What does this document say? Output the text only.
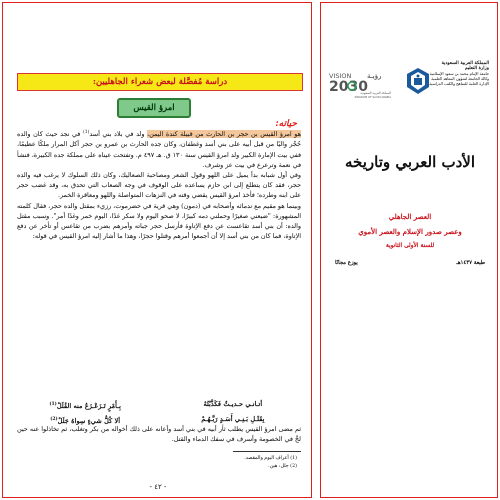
دراسة مُفصَّلة لبعض شعراء الجاهليين:
امرؤ القيس
حياته:

هو امرؤ القيس بن حجر بن الحارث من قبيلة كندة اليمن، ولد في بلاد بني أسد$^{(1)}$ في نجد حيث كان والده حُجْر واليًا من قبل أبيه على بني أسد وغطفان، وكان جده الحارث بن عمرو بن حجر آكل المرار ملكًا عظيمًا، ففي بيت الإمارة الكبير ولد امرؤ القيس سنة ١٣٠ ق. هـ ٤٩٧ م. وتفتحت عيناه على مملكة جده الكبيرة، فنشأ في نعمة وترعرع في بيت عز وشرف.

وفي أول شبابه بدأ يميل على اللهو وقول الشعر ومصاحبة الصعاليك، وكان ذلك السلوك لا يرغب فيه والده حجر، فقد كان يتطلع إلى ابن حازم يساعده على الوقوف في وجه الصعاب التي تحدق به، وقد غضب حجر على ابنه وطرده؛ فأخذ امرؤ القيس يقضي وقته في النزهات المتواصلة واللهو ومعاقرة الخمر.

وبينما هو مقيم مع ندمائه وأصحابه في (دمون) وهي قرية في حضرموت، رزيء بمقتل والده حجر، فقال كلمته المشهورة: "ضيعني صغيرًا وحملني دمه كبيرًا، لا صحو اليوم ولا سكر غدًا، اليوم خمر وغدًا أمر". وسبب مقتل والده: أن بني أسد تقاعست عن دفع الإتاوة فأرسل حجر جباته وأمرهم بضرب من تقاعس أو تأخر عن دفع الإتاوة، فما كان من بني أسد إلا أن أجمعوا أمرهم وقتلوا حجرًا، وهذا ما أشار إليه امرؤ القيس في قوله:

أتـانـي حـديـثٌ فَكَذَّبْتُهُ
بِـأَمْرٍ تَـزَعْـزَعُ منه القُلَلْ$^{(1)}$
بِقَتْـلِ بَـنِـي أَسَـدٍ رَبَّـهُـمْ
ألا كُلُّ شيءٍ سِواهُ جَلَلْ$^{(2)}$

ثم مضى امرؤ القيس يطلب ثأر أبيه في بني أسد وأعانه على ذلك أخواله من بكر وتغلب، ثم تخاذلوا عنه حين لجَّ في الخصومة وأسرف في سفك الدماء والقتل.

(1) أعراف اليوم والمقصد.
(2) جلل: هين.
- ٤٢ -
المملكة العربية السعودية
وزارة التعليم
جامعة الإمام محمد بن سعود الإسلامية
وكالة الجامعة لشؤون المعاهد العلمية
الإدارة العامة للمناهج والكتب الدراسية
VISION رؤيـة
2030
المملكة العربية السعودية
KINGDOM OF SAUDI ARABIA
الأدب العربي وتاريخه
العصر الجاهلي
وعصر صدور الإسلام والعصر الأموي
للسنة الأولى الثانوية
طبعة ١٤٣٧هـ
يوزع مجانًا
